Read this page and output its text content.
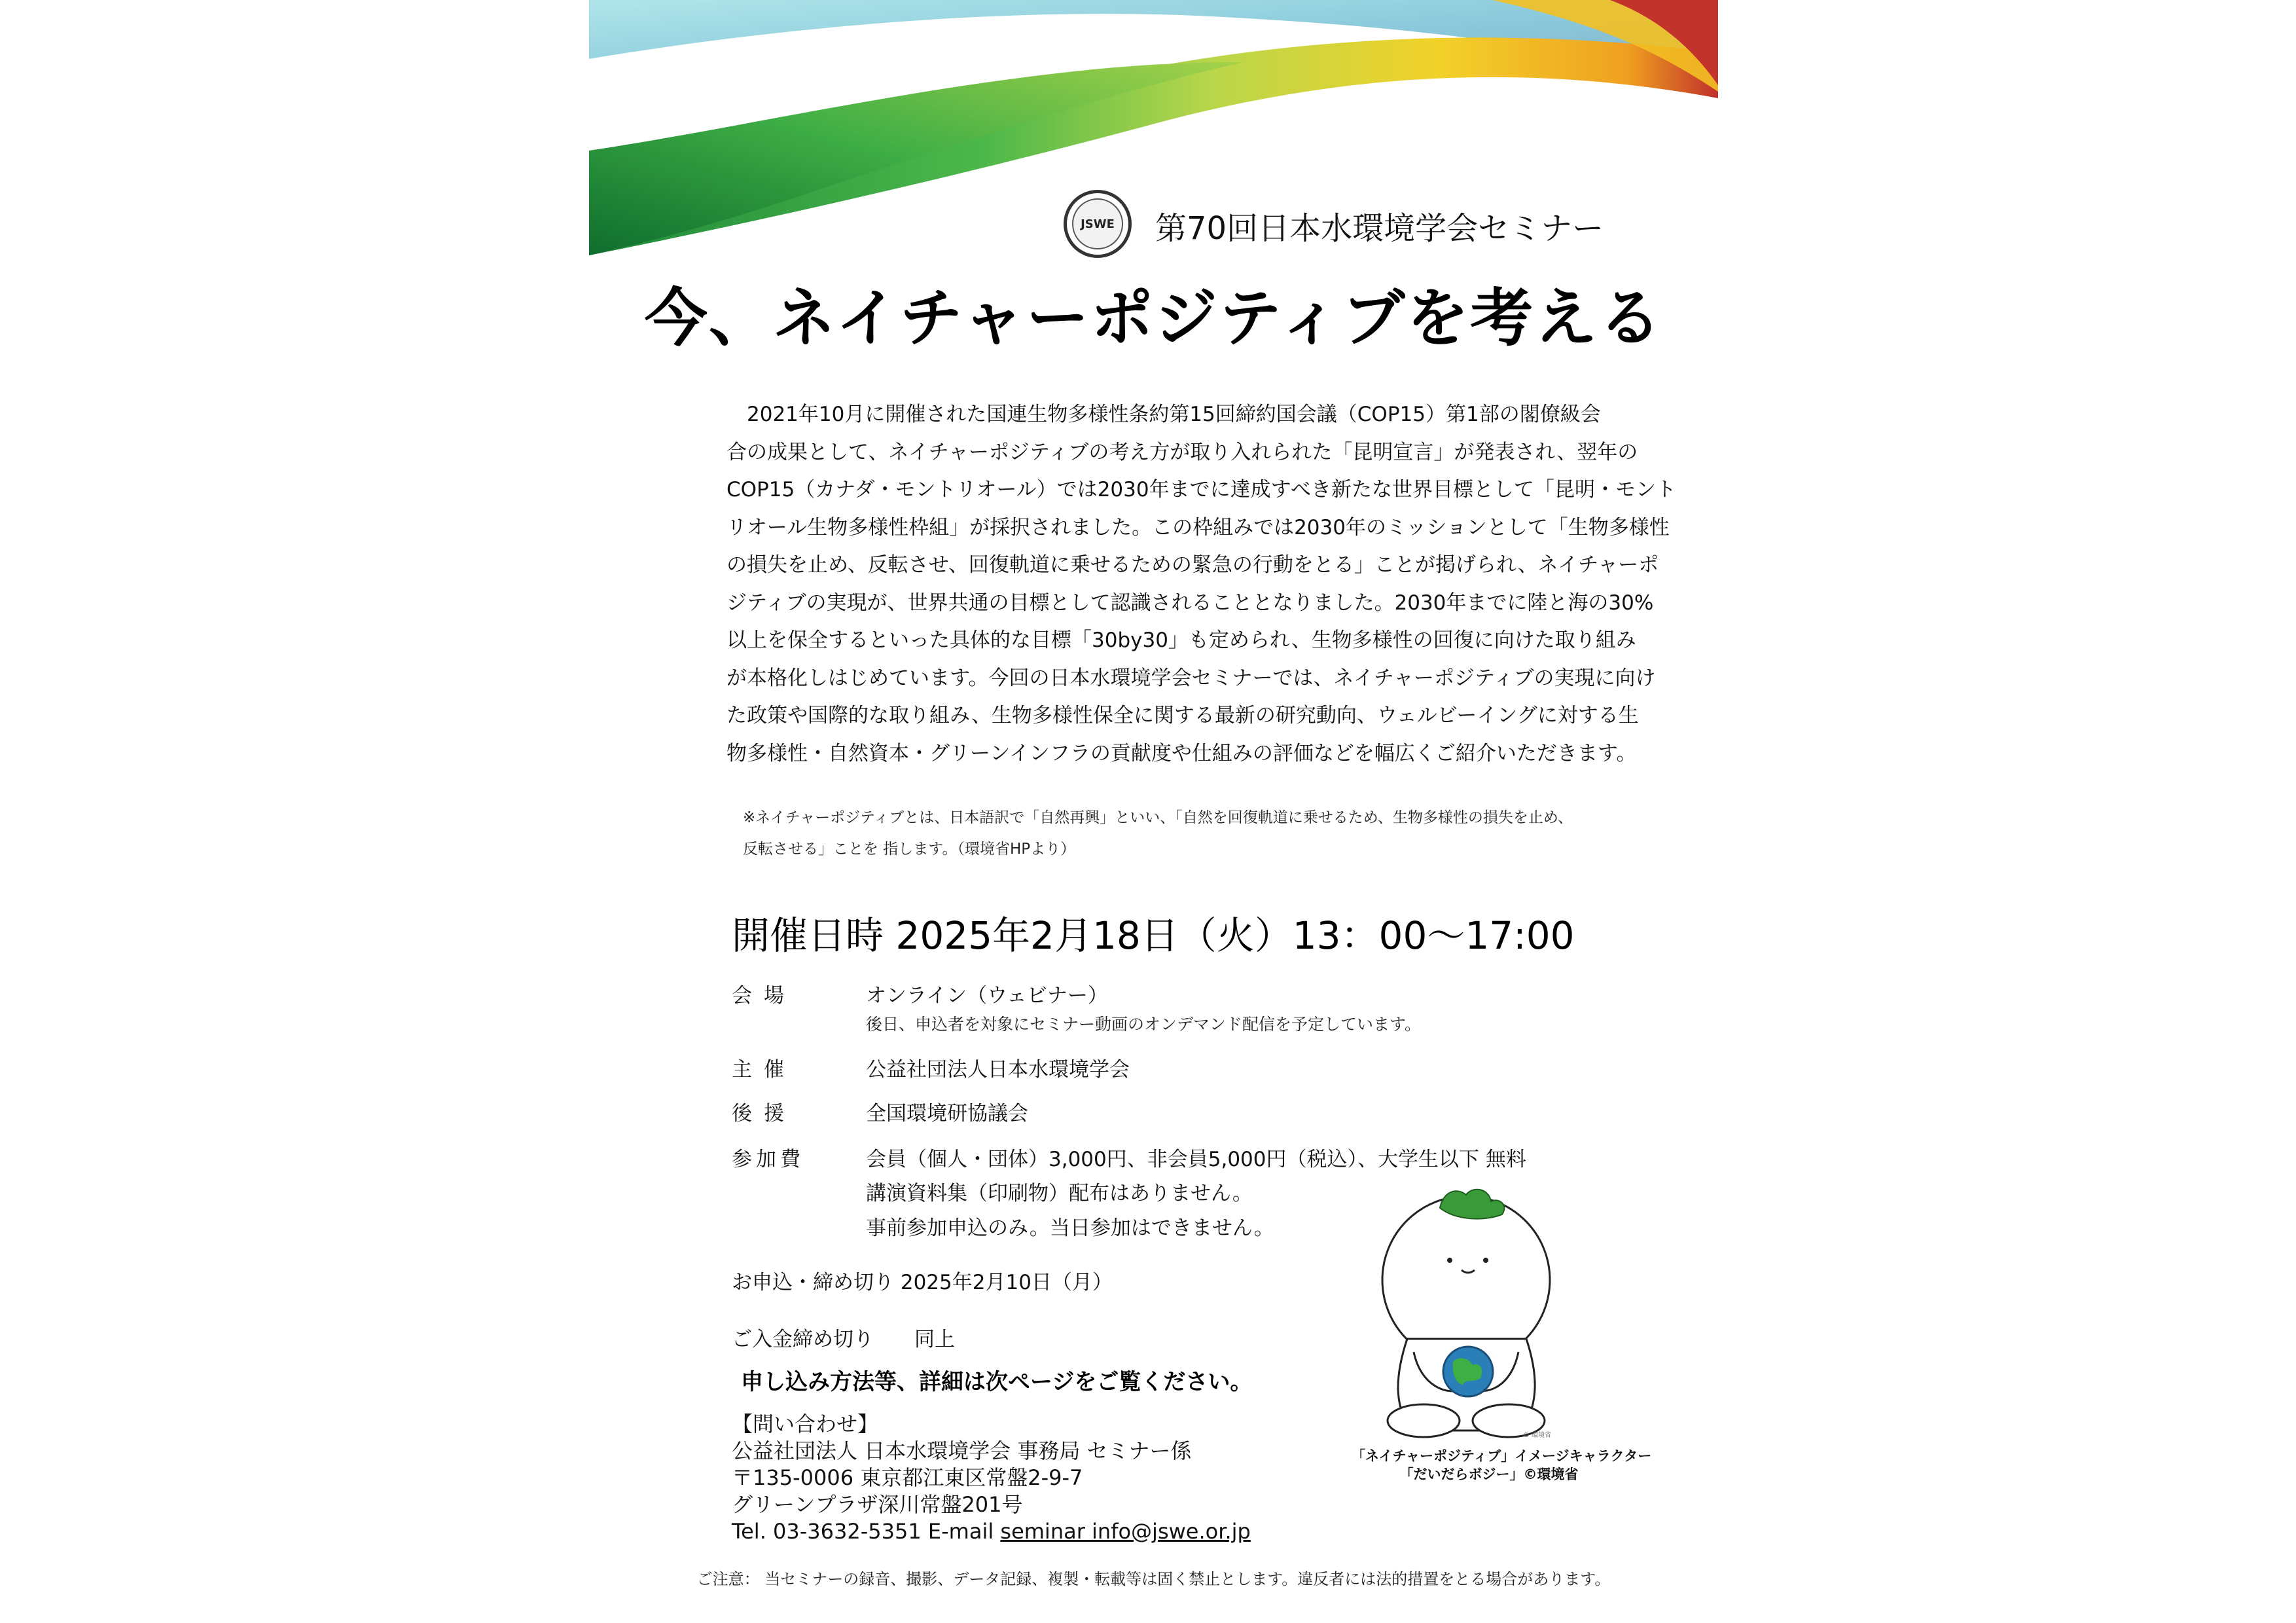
JSWE 第70回日本水環境学会セミナー
今、ネイチャーポジティブを考える
　2021年10月に開催された国連生物多様性条約第15回締約国会議（COP15）第1部の閣僚級会
合の成果として、ネイチャーポジティブの考え方が取り入れられた「昆明宣言」が発表され、翌年の
COP15（カナダ・モントリオール）では2030年までに達成すべき新たな世界目標として「昆明・モント
リオール生物多様性枠組」が採択されました。この枠組みでは2030年のミッションとして「生物多様性
の損失を止め、反転させ、回復軌道に乗せるための緊急の行動をとる」ことが掲げられ、ネイチャーポ
ジティブの実現が、世界共通の目標として認識されることとなりました。2030年までに陸と海の30%
以上を保全するといった具体的な目標「30by30」も定められ、生物多様性の回復に向けた取り組み
が本格化しはじめています。今回の日本水環境学会セミナーでは、ネイチャーポジティブの実現に向け
た政策や国際的な取り組み、生物多様性保全に関する最新の研究動向、ウェルビーイングに対する生
物多様性・自然資本・グリーンインフラの貢献度や仕組みの評価などを幅広くご紹介いただきます。
※ネイチャーポジティブとは、日本語訳で「自然再興」といい、「自然を回復軌道に乗せるため、生物多様性の損失を止め、
反転させる」ことを 指します。（環境省HPより）
開催日時 2025年2月18日（火）13：00～17:00
会場	オンライン（ウェビナー）
後日、申込者を対象にセミナー動画のオンデマンド配信を予定しています。
主催	公益社団法人日本水環境学会
後援	全国環境研協議会
参加費	会員（個人・団体）3,000円、非会員5,000円（税込）、大学生以下 無料
講演資料集（印刷物）配布はありません。
事前参加申込のみ。当日参加はできません。
お申込・締め切り 2025年2月10日（月）
ご入金締め切り　　同上
申し込み方法等、詳細は次ページをご覧ください。
【問い合わせ】
公益社団法人 日本水環境学会 事務局 セミナー係
〒135-0006 東京都江東区常盤2-9-7
グリーンプラザ深川常盤201号
Tel. 03-3632-5351 E-mail seminar info@jswe.or.jp
© 環境省
「ネイチャーポジティブ」イメージキャラクター
「だいだらボジー」©環境省
ご注意： 当セミナーの録音、撮影、データ記録、複製・転載等は固く禁止とします。違反者には法的措置をとる場合があります。
